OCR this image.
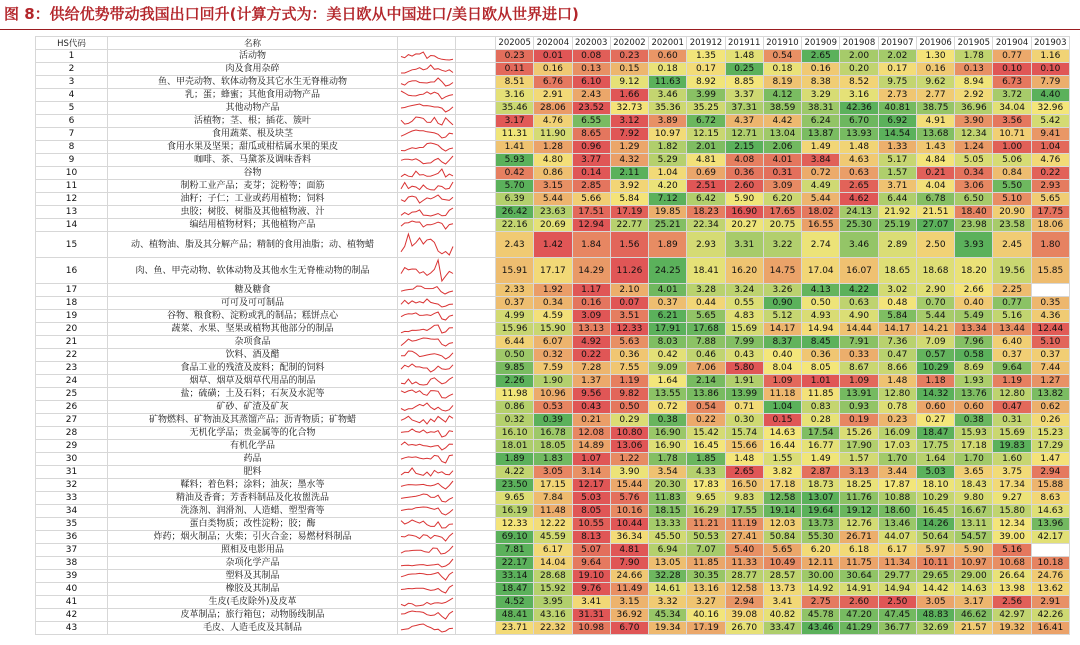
图 8：供给优势带动我国出口回升(计算方式为：美日欧从中国进口/美日欧从世界进口)
HS代码	名称			202005	202004	202003	202002	202001	201912	201911	201910	201909	201908	201907	201906	201905	201904	201903
1	活动物			0.23	0.01	0.08	0.23	0.60	1.35	1.48	0.54	2.65	2.00	2.02	1.30	1.78	0.77	1.16
2	肉及食用杂碎			0.11	0.16	0.13	0.15	0.18	0.17	0.25	0.18	0.16	0.20	0.17	0.16	0.13	0.10	0.10
3	鱼、甲壳动物、软体动物及其它水生无脊椎动物			8.51	6.76	6.10	9.12	11.63	8.92	8.85	8.19	8.38	8.52	9.75	9.62	8.94	6.73	7.79
4	乳；蛋；蜂蜜；其他食用动物产品			3.16	2.91	2.43	1.66	3.46	3.99	3.37	4.12	3.29	3.16	2.73	2.77	2.92	3.72	4.40
5	其他动物产品			35.46	28.06	23.52	32.73	35.36	35.25	37.31	38.59	38.31	42.36	40.81	38.75	36.96	34.04	32.96
6	活植物；茎、根；插花、簇叶			3.17	4.76	6.55	3.12	3.89	6.72	4.37	4.42	6.24	6.70	6.92	4.91	3.90	3.56	5.42
7	食用蔬菜、根及块茎			11.31	11.90	8.65	7.92	10.97	12.15	12.71	13.04	13.87	13.93	14.54	13.68	12.34	10.71	9.41
8	食用水果及坚果；甜瓜或柑桔属水果的果皮			1.41	1.28	0.96	1.29	1.82	2.01	2.15	2.06	1.49	1.48	1.33	1.43	1.24	1.00	1.04
9	咖啡、茶、马黛茶及调味香料			5.93	4.80	3.77	4.32	5.29	4.81	4.08	4.01	3.84	4.63	5.17	4.84	5.05	5.06	4.76
10	谷物			0.42	0.86	0.14	2.11	1.04	0.69	0.36	0.31	0.72	0.63	1.57	0.21	0.34	0.84	0.22
11	制粉工业产品；麦芽；淀粉等；面筋			5.70	3.15	2.85	3.92	4.20	2.51	2.60	3.09	4.49	2.65	3.71	4.04	3.06	5.50	2.93
12	油籽；子仁；工业或药用植物；饲料			6.39	5.44	5.66	5.84	7.12	6.42	5.90	6.20	5.44	4.62	6.44	6.78	6.50	5.10	5.65
13	虫胶；树胶、树脂及其他植物液、汁			26.42	23.63	17.51	17.19	19.85	18.23	16.90	17.65	18.02	24.13	21.92	21.51	18.40	20.90	17.75
14	编结用植物材料；其他植物产品			22.16	20.69	12.94	22.77	25.21	22.34	20.27	20.75	16.55	25.30	25.19	27.07	23.98	23.58	18.06
15	动、植物油、脂及其分解产品；精制的食用油脂；动、植物蜡			2.43	1.42	1.84	1.56	1.89	2.93	3.31	3.22	2.74	3.46	2.89	2.50	3.93	2.45	1.80
16	肉、鱼、甲壳动物、软体动物及其他水生无脊椎动物的制品			15.91	17.17	14.29	11.26	24.25	18.41	16.20	14.75	17.04	16.07	18.65	18.68	18.20	19.56	15.85
17	糖及糖食			2.33	1.92	1.17	2.10	4.01	3.28	3.24	3.26	4.13	4.22	3.02	2.90	2.66	2.25	
18	可可及可可制品			0.37	0.34	0.16	0.07	0.37	0.44	0.55	0.90	0.50	0.63	0.48	0.70	0.40	0.77	0.35
19	谷物、粮食粉、淀粉或乳的制品；糕饼点心			4.99	4.59	3.09	3.51	6.21	5.65	4.83	5.12	4.93	4.90	5.84	5.44	5.49	5.16	4.36
20	蔬菜、水果、坚果或植物其他部分的制品			15.96	15.90	13.13	12.33	17.91	17.68	15.69	14.17	14.94	14.44	14.17	14.21	13.34	13.44	12.44
21	杂项食品			6.44	6.07	4.92	5.63	8.03	7.88	7.99	8.37	8.45	7.91	7.36	7.09	7.96	6.40	5.10
22	饮料、酒及醋			0.50	0.32	0.22	0.36	0.42	0.46	0.43	0.40	0.36	0.33	0.47	0.57	0.58	0.37	0.37
23	食品工业的残渣及废料；配制的饲料			9.85	7.59	7.28	7.55	9.09	7.06	5.80	8.04	8.05	8.67	8.66	10.29	8.69	9.64	7.44
24	烟草、烟草及烟草代用品的制品			2.26	1.90	1.37	1.19	1.64	2.14	1.91	1.09	1.01	1.09	1.48	1.18	1.93	1.19	1.27
25	盐；硫磺；土及石料；石灰及水泥等			11.98	10.96	9.56	9.82	13.55	13.86	13.99	11.18	11.85	13.91	12.80	14.32	13.76	12.80	13.82
26	矿砂、矿渣及矿灰			0.86	0.53	0.43	0.50	0.72	0.54	0.71	1.04	0.83	0.93	0.78	0.60	0.60	0.47	0.62
27	矿物燃料、矿物油及其蒸馏产品；沥青物质；矿物蜡			0.32	0.39	0.21	0.29	0.38	0.22	0.30	0.15	0.28	0.19	0.23	0.27	0.38	0.31	0.26
28	无机化学品；贵金属等的化合物			16.10	16.78	12.08	10.80	16.90	15.42	15.74	14.63	17.54	15.26	16.09	18.47	15.93	15.69	15.23
29	有机化学品			18.01	18.05	14.89	13.06	16.90	16.45	15.66	16.44	16.77	17.90	17.03	17.75	17.18	19.83	17.29
30	药品			1.89	1.83	1.07	1.22	1.78	1.85	1.48	1.55	1.49	1.57	1.70	1.64	1.70	1.60	1.47
31	肥料			4.22	3.05	3.14	3.90	3.54	4.33	2.65	3.82	2.87	3.13	3.44	5.03	3.65	3.75	2.94
32	鞣料；着色料；涂料；油灰；墨水等			23.50	17.15	12.17	15.44	20.30	17.83	16.50	17.18	18.73	18.25	17.87	18.10	18.43	17.34	15.88
33	精油及香膏；芳香料制品及化妆盥洗品			9.65	7.84	5.03	5.76	11.83	9.65	9.83	12.58	13.07	11.76	10.88	10.29	9.80	9.27	8.63
34	洗涤剂、润滑剂、人造蜡、塑型膏等			16.19	11.48	8.05	10.16	18.15	16.29	17.55	19.14	19.64	19.12	18.60	16.45	16.67	15.80	14.63
35	蛋白类物质；改性淀粉；胶；酶			12.33	12.22	10.55	10.44	13.33	11.21	11.19	12.03	13.73	12.76	13.46	14.26	13.11	12.34	13.96
36	炸药；烟火制品；火柴；引火合金；易燃材料制品			69.10	45.59	8.13	36.34	45.50	50.53	27.41	50.84	55.30	26.71	44.07	50.64	54.57	39.00	42.17
37	照相及电影用品			7.81	6.17	5.07	4.81	6.94	7.07	5.40	5.65	6.20	6.18	6.17	5.97	5.90	5.16	
38	杂项化学产品			22.17	14.04	9.64	7.90	13.05	11.85	11.33	10.49	12.11	11.75	11.34	10.11	10.97	10.68	10.18
39	塑料及其制品			33.14	28.68	19.10	24.66	32.28	30.35	28.77	28.57	30.00	30.64	29.77	29.65	29.00	26.64	24.76
40	橡胶及其制品			18.47	15.92	9.76	11.49	14.61	13.16	12.58	13.73	14.92	14.91	14.94	14.42	14.63	13.98	13.62
41	生皮(毛皮除外)及皮革			4.52	3.95	3.41	3.15	3.32	3.27	2.94	3.41	2.75	2.60	2.50	3.05	3.17	2.56	2.91
42	皮革制品；旅行箱包；动物肠线制品			48.41	43.16	31.31	36.92	45.34	40.16	39.08	40.82	45.78	47.20	47.45	48.83	46.62	42.97	42.26
43	毛皮、人造毛皮及其制品			23.71	22.32	10.98	6.70	19.34	17.19	26.70	33.47	43.46	41.29	36.77	32.69	21.57	19.32	16.41
